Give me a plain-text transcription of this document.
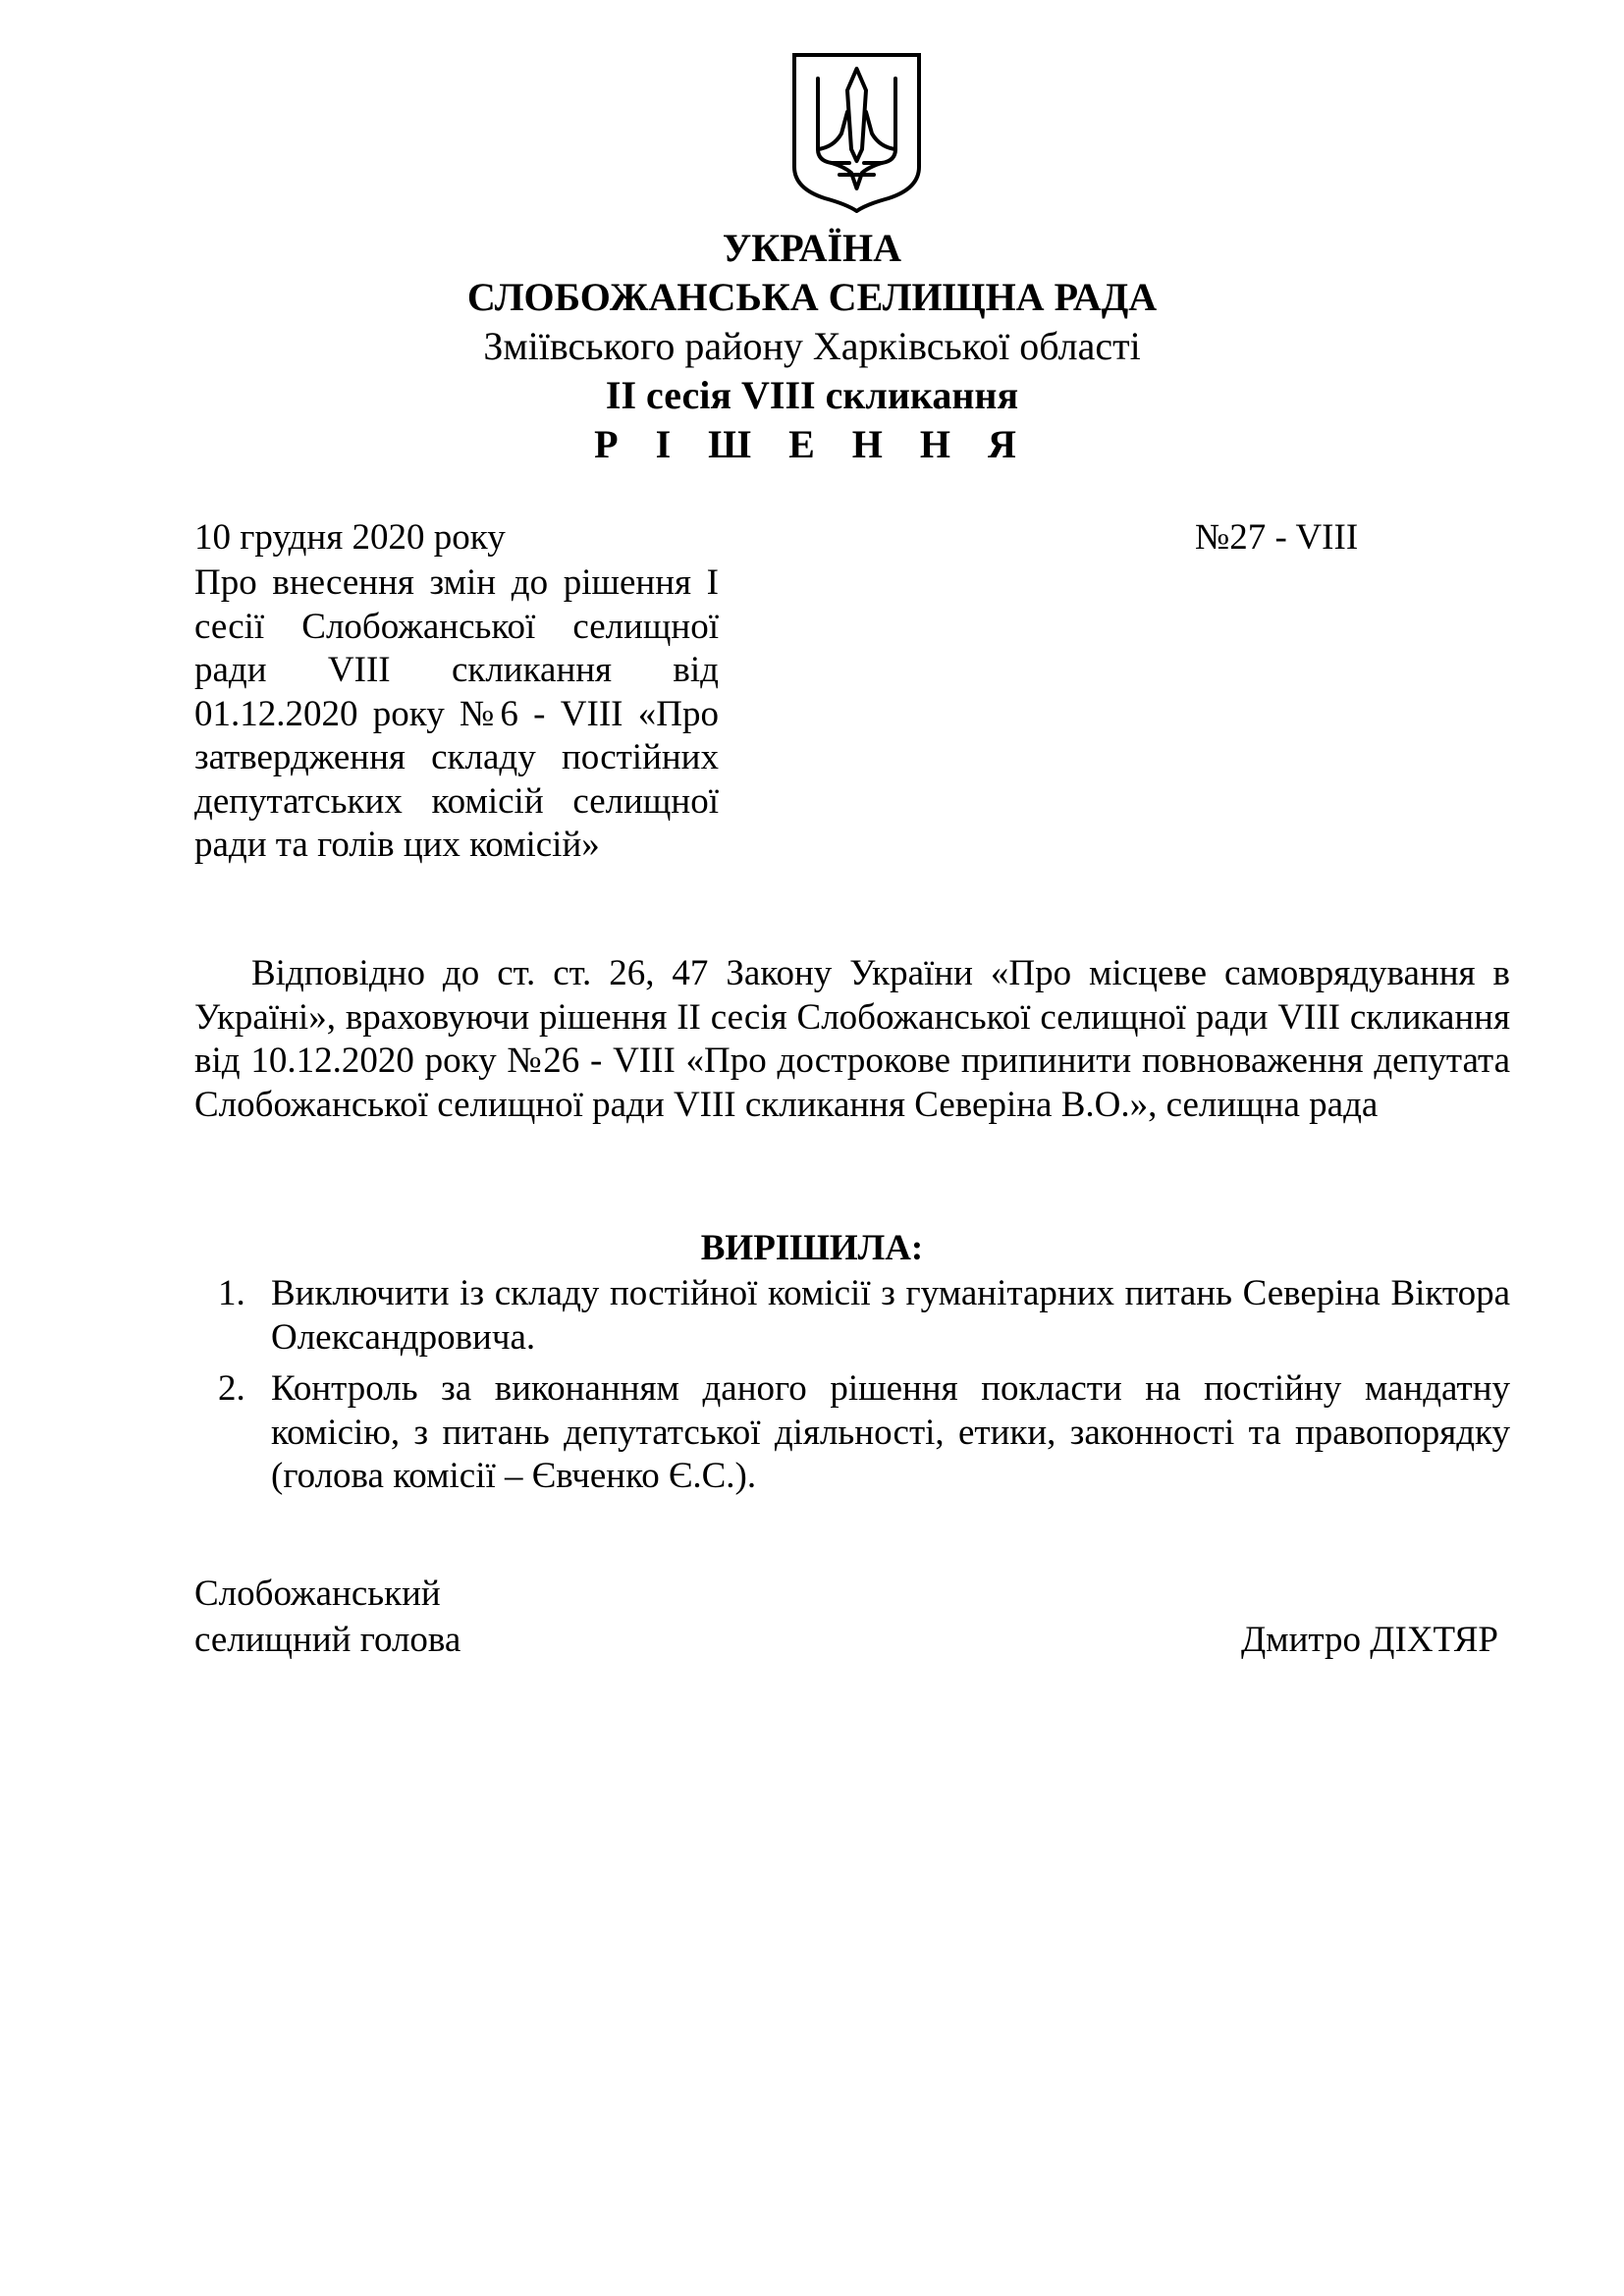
УКРАЇНА
СЛОБОЖАНСЬКА СЕЛИЩНА РАДА
Зміївського району Харківської області
ІІ сесія VIII скликання
Р І Ш Е Н Н Я
10 грудня 2020 року	№27 - VIII
Про внесення змін до рішення І сесії Слобожанської селищної ради VIII скликання від 01.12.2020 року №6 - VIII «Про затвердження складу постійних депутатських комісій селищної ради та голів цих комісій»
Відповідно до ст. ст. 26, 47 Закону України «Про місцеве самоврядування в Україні», враховуючи рішення ІІ сесія Слобожанської селищної ради VIII скликання від 10.12.2020 року №26 - VIII «Про дострокове припинити повноваження депутата Слобожанської селищної ради VIII скликання Северіна В.О.», селищна рада
ВИРІШИЛА:
1. Виключити із складу постійної комісії з гуманітарних питань Северіна Віктора Олександровича.
2. Контроль за виконанням даного рішення покласти на постійну мандатну комісію, з питань депутатської діяльності, етики, законності та правопорядку (голова комісії – Євченко Є.С.).
Слобожанський
селищний голова	Дмитро ДІХТЯР
